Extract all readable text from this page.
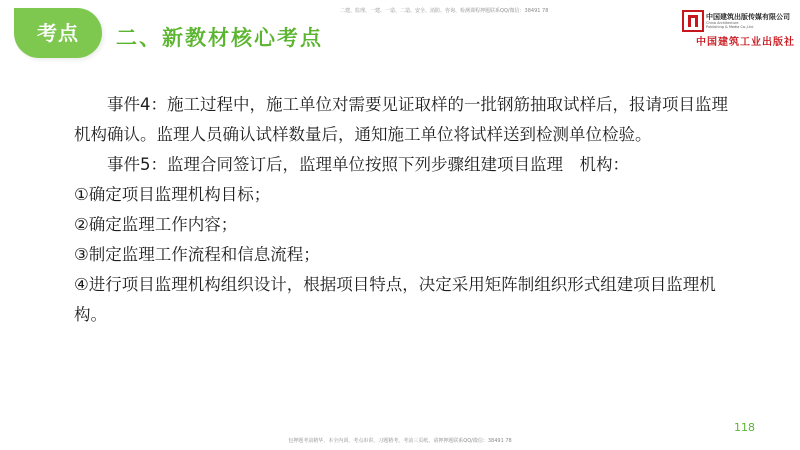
二建、监理、一建、一造、二造、安全、消防、咨询、检测课程押题联系QQ/微信：38491 78
考点	二、新教材核心考点
中国建筑出版传媒有限公司
China Architecture
Publishing & Media Co.,Ltd.
中国建筑工业出版社

事件4：施工过程中，施工单位对需要见证取样的一批钢筋抽取试样后，报请项目监理机构确认。监理人员确认试样数量后，通知施工单位将试样送到检测单位检验。

事件5：监理合同签订后，监理单位按照下列步骤组建项目监理　机构：

①确定项目监理机构目标；

②确定监理工作内容；

③制定监理工作流程和信息流程；

④进行项目监理机构组织设计，根据项目特点，决定采用矩阵制组织形式组建项目监理机构。

118
包押题考前精华，本全内训、考点串讲，习题精考，考前三页纸，请押押题联系QQ/微信：38491 78
